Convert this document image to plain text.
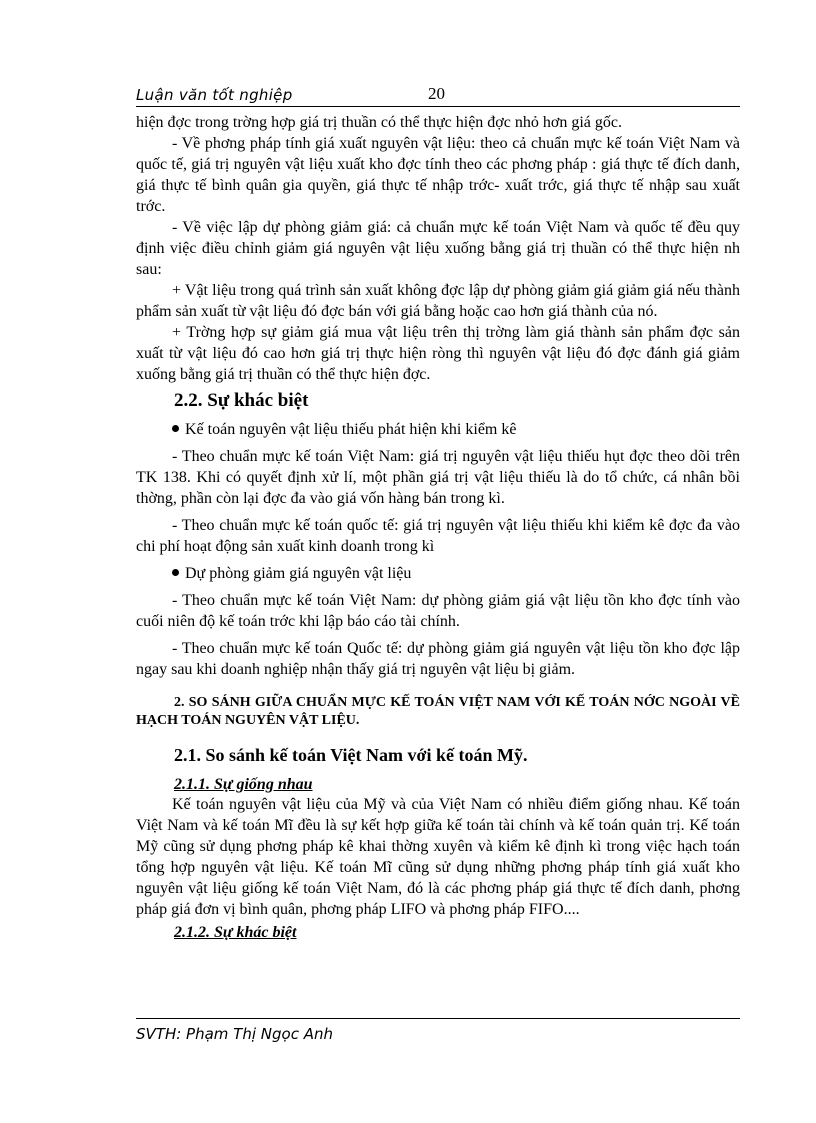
Luận văn tốt nghiệp	20

hiện đợc trong trờng hợp giá trị thuần có thể thực hiện đợc nhỏ hơn giá gốc.

- Về phơng pháp tính giá xuất nguyên vật liệu: theo cả chuẩn mực kế toán Việt Nam và quốc tế, giá trị nguyên vật liệu xuất kho đợc tính theo các phơng pháp : giá thực tế đích danh, giá thực tế bình quân gia quyền, giá thực tế nhập trớc- xuất trớc, giá thực tế nhập sau xuất trớc.

- Về việc lập dự phòng giảm giá: cả chuẩn mực kế toán Việt Nam và quốc tế đều quy định việc điều chỉnh giảm giá nguyên vật liệu xuống bằng giá trị thuần có thể thực hiện nh sau:

+ Vật liệu trong quá trình sản xuất không đợc lập dự phòng giảm giá giảm giá nếu thành phẩm sản xuất từ vật liệu đó đợc bán với giá bằng hoặc cao hơn giá thành của nó.

+ Trờng hợp sự giảm giá mua vật liệu trên thị trờng làm giá thành sản phẩm đợc sản xuất từ vật liệu đó cao hơn giá trị thực hiện ròng thì nguyên vật liệu đó đợc đánh giá giảm xuống bằng giá trị thuần có thể thực hiện đợc.

2.2. Sự khác biệt

Kế toán nguyên vật liệu thiếu phát hiện khi kiểm kê

- Theo chuẩn mực kế toán Việt Nam: giá trị nguyên vật liệu thiếu hụt đợc theo dõi trên TK 138. Khi có quyết định xử lí, một phần giá trị vật liệu thiếu là do tổ chức, cá nhân bồi thờng, phần còn lại đợc đa vào giá vốn hàng bán trong kì.

- Theo chuẩn mực kế toán quốc tế: giá trị nguyên vật liệu thiếu khi kiểm kê đợc đa vào chi phí hoạt động sản xuất kinh doanh trong kì

Dự phòng giảm giá nguyên vật liệu

- Theo chuẩn mực kế toán Việt Nam: dự phòng giảm giá vật liệu tồn kho đợc tính vào cuối niên độ kế toán trớc khi lập báo cáo tài chính.

- Theo chuẩn mực kế toán Quốc tế: dự phòng giảm giá nguyên vật liệu tồn kho đợc lập ngay sau khi doanh nghiệp nhận thấy giá trị nguyên vật liệu bị giảm.

2. SO SÁNH GIỮA CHUẨN MỰC KẾ TOÁN VIỆT NAM VỚI KẾ TOÁN NỚC NGOÀI VỀ HẠCH TOÁN NGUYÊN VẬT LIỆU.

2.1. So sánh kế toán Việt Nam với kế toán Mỹ.

2.1.1. Sự giống nhau

Kế toán nguyên vật liệu của Mỹ và của Việt Nam có nhiều điểm giống nhau. Kế toán Việt Nam và kế toán Mĩ đều là sự kết hợp giữa kế toán tài chính và kế toán quản trị. Kế toán Mỹ cũng sử dụng phơng pháp kê khai thờng xuyên và kiểm kê định kì trong việc hạch toán tổng hợp nguyên vật liệu. Kế toán Mĩ cũng sử dụng những phơng pháp tính giá xuất kho nguyên vật liệu giống kế toán Việt Nam, đó là các phơng pháp giá thực tế đích danh, phơng pháp giá đơn vị bình quân, phơng pháp LIFO và phơng pháp FIFO....

2.1.2. Sự khác biệt

SVTH: Phạm Thị Ngọc Anh
